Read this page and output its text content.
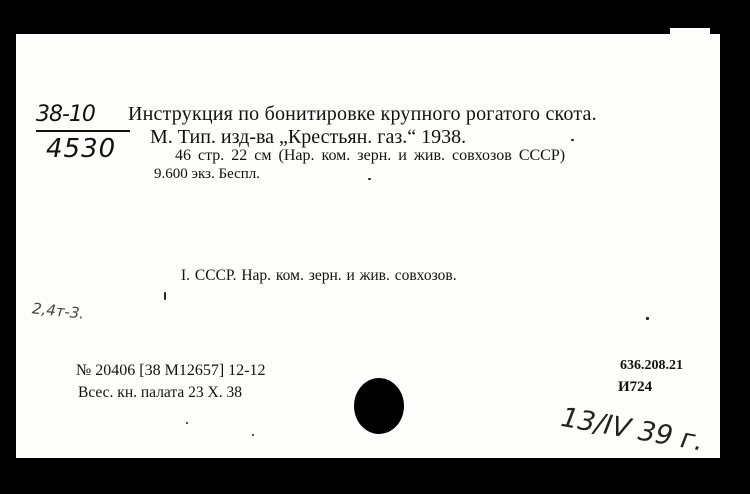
38-10
4530
Инструкция по бонитировке крупного рогатого скота.
М. Тип. изд-ва „Крестьян. газ.“ 1938.
46 стр. 22 см (Нар. ком. зерн. и жив. совхозов СССР)
9.600 экз. Беспл.
I. СССР. Нар. ком. зерн. и жив. совхозов.
2,4т-3.
№ 20406 [38 M12657] 12-12
Всес. кн. палата 23 X. 38
636.208.21
И724
13/IV 39 г.
